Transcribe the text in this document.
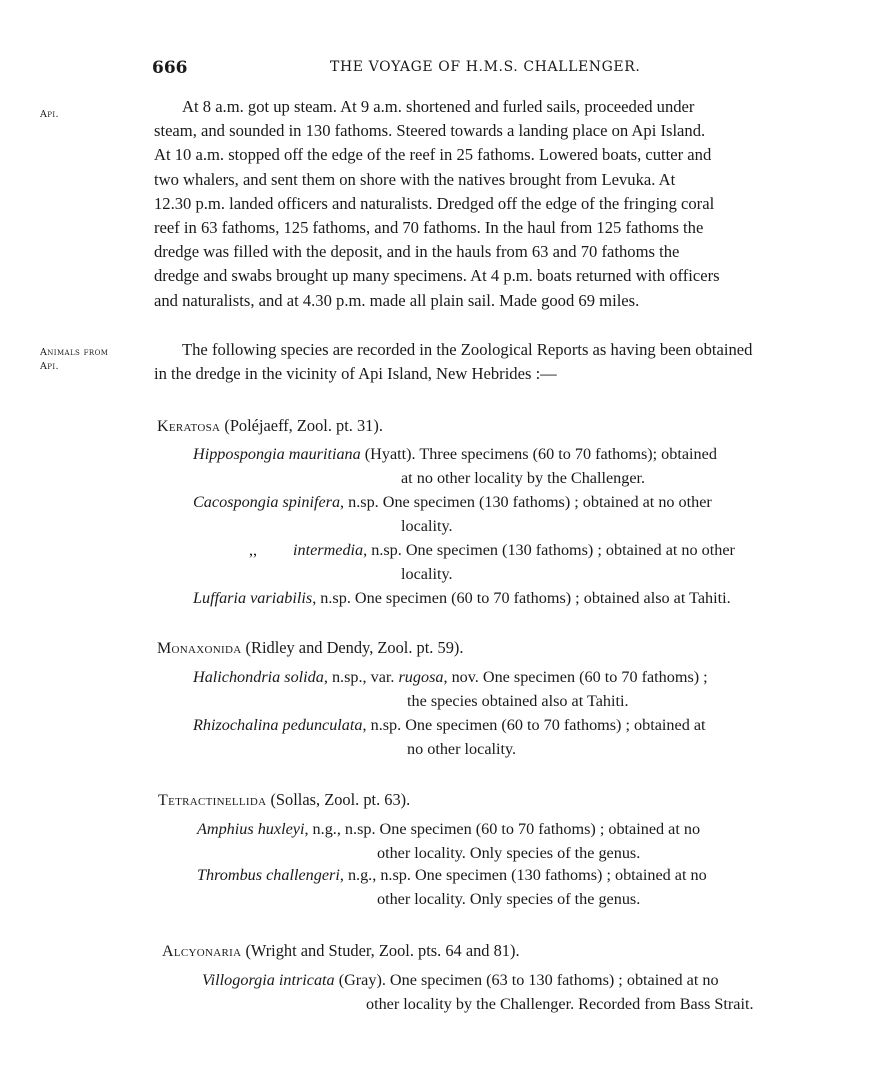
666	THE VOYAGE OF H.M.S. CHALLENGER.
Api.	At 8 a.m. got up steam. At 9 a.m. shortened and furled sails, proceeded under
steam, and sounded in 130 fathoms. Steered towards a landing place on Api Island.
At 10 a.m. stopped off the edge of the reef in 25 fathoms. Lowered boats, cutter and
two whalers, and sent them on shore with the natives brought from Levuka. At
12.30 p.m. landed officers and naturalists. Dredged off the edge of the fringing coral
reef in 63 fathoms, 125 fathoms, and 70 fathoms. In the haul from 125 fathoms the
dredge was filled with the deposit, and in the hauls from 63 and 70 fathoms the
dredge and swabs brought up many specimens. At 4 p.m. boats returned with officers
and naturalists, and at 4.30 p.m. made all plain sail. Made good 69 miles.
Animals from
Api.
The following species are recorded in the Zoological Reports as having been obtained
in the dredge in the vicinity of Api Island, New Hebrides :—
Keratosa (Poléjaeff, Zool. pt. 31).
Hippospongia mauritiana (Hyatt). Three specimens (60 to 70 fathoms); obtained
at no other locality by the Challenger.
Cacospongia spinifera, n.sp. One specimen (130 fathoms) ; obtained at no other
locality.
,, intermedia, n.sp. One specimen (130 fathoms) ; obtained at no other
locality.
Luffaria variabilis, n.sp. One specimen (60 to 70 fathoms) ; obtained also at Tahiti.
Monaxonida (Ridley and Dendy, Zool. pt. 59).
Halichondria solida, n.sp., var. rugosa, nov. One specimen (60 to 70 fathoms) ;
the species obtained also at Tahiti.
Rhizochalina pedunculata, n.sp. One specimen (60 to 70 fathoms) ; obtained at
no other locality.
Tetractinellida (Sollas, Zool. pt. 63).
Amphius huxleyi, n.g., n.sp. One specimen (60 to 70 fathoms) ; obtained at no
other locality. Only species of the genus.
Thrombus challengeri, n.g., n.sp. One specimen (130 fathoms) ; obtained at no
other locality. Only species of the genus.
Alcyonaria (Wright and Studer, Zool. pts. 64 and 81).
Villogorgia intricata (Gray). One specimen (63 to 130 fathoms) ; obtained at no
other locality by the Challenger. Recorded from Bass Strait.
